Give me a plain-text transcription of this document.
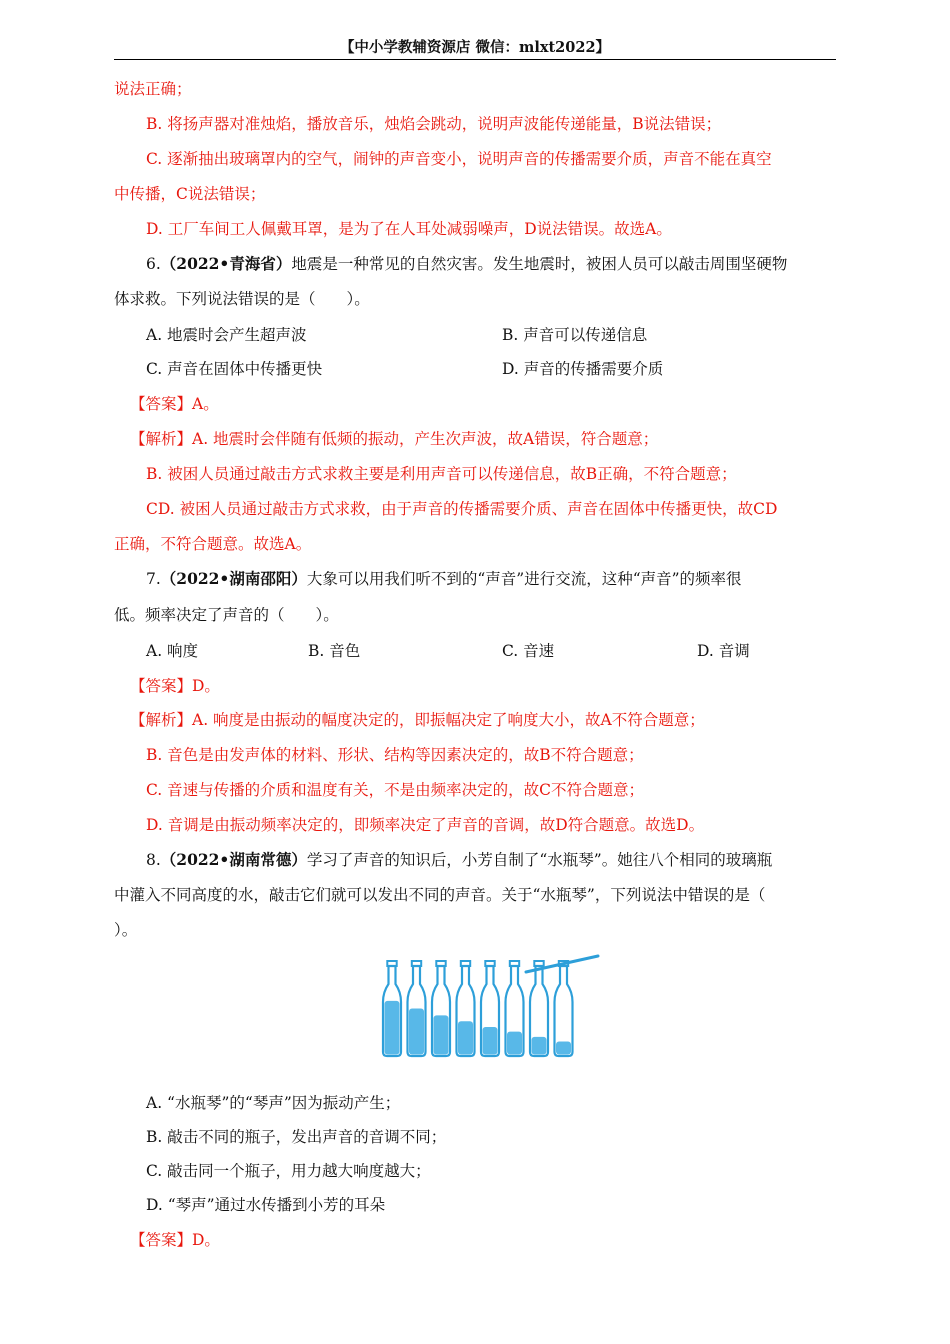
【中小学教辅资源店 微信：mlxt2022】
说法正确；
B. 将扬声器对准烛焰，播放音乐，烛焰会跳动，说明声波能传递能量，B说法错误；
C. 逐渐抽出玻璃罩内的空气，闹钟的声音变小，说明声音的传播需要介质，声音不能在真空
中传播，C说法错误；
D. 工厂车间工人佩戴耳罩，是为了在人耳处减弱噪声，D说法错误。故选A。
6.（2022•青海省）地震是一种常见的自然灾害。发生地震时，被困人员可以敲击周围坚硬物
体求救。下列说法错误的是（　　）。
A. 地震时会产生超声波	B. 声音可以传递信息
C. 声音在固体中传播更快	D. 声音的传播需要介质
【答案】A。
【解析】A. 地震时会伴随有低频的振动，产生次声波，故A错误，符合题意；
B. 被困人员通过敲击方式求救主要是利用声音可以传递信息，故B正确，不符合题意；
CD. 被困人员通过敲击方式求救，由于声音的传播需要介质、声音在固体中传播更快，故CD
正确，不符合题意。故选A。
7.（2022•湖南邵阳）大象可以用我们听不到的“声音”进行交流，这种“声音”的频率很
低。频率决定了声音的（　　）。
A. 响度	B. 音色	C. 音速	D. 音调
【答案】D。
【解析】A. 响度是由振动的幅度决定的，即振幅决定了响度大小，故A不符合题意；
B. 音色是由发声体的材料、形状、结构等因素决定的，故B不符合题意；
C. 音速与传播的介质和温度有关，不是由频率决定的，故C不符合题意；
D. 音调是由振动频率决定的，即频率决定了声音的音调，故D符合题意。故选D。
8.（2022•湖南常德）学习了声音的知识后，小芳自制了“水瓶琴”。她往八个相同的玻璃瓶
中灌入不同高度的水，敲击它们就可以发出不同的声音。关于“水瓶琴”，下列说法中错误的是（
）。
A. “水瓶琴”的“琴声”因为振动产生；
B. 敲击不同的瓶子，发出声音的音调不同；
C. 敲击同一个瓶子，用力越大响度越大；
D. “琴声”通过水传播到小芳的耳朵
【答案】D。
